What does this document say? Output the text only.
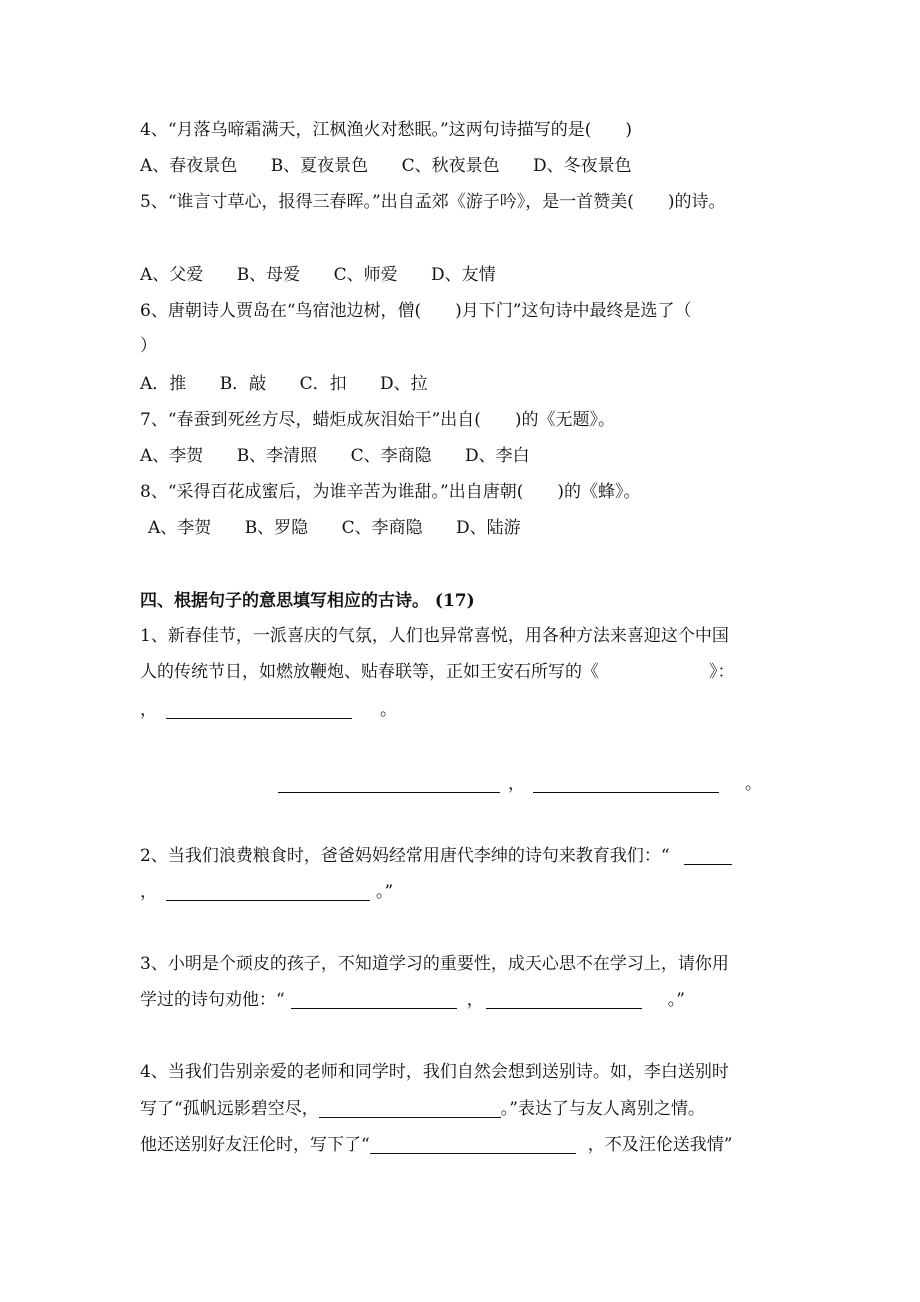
4、“月落乌啼霜满天，江枫渔火对愁眠。”这两句诗描写的是(　　)
A、春夜景色 B、夏夜景色 C、秋夜景色 D、冬夜景色
5、“谁言寸草心，报得三春晖。”出自孟郊《游子吟》，是一首赞美(　　)的诗。
A、父爱 B、母爱 C、师爱 D、友情
6、唐朝诗人贾岛在“鸟宿池边树，僧(　　)月下门”这句诗中最终是选了（
）
A．推 B．敲 C．扣 D、拉
7、“春蚕到死丝方尽，蜡炬成灰泪始干”出自(　　)的《无题》。
A、李贺 B、李清照 C、李商隐 D、李白
8、“采得百花成蜜后，为谁辛苦为谁甜。”出自唐朝(　　)的《蜂》。
A、李贺 B、罗隐 C、李商隐 D、陆游
四、根据句子的意思填写相应的古诗。 (17)
1、新春佳节，一派喜庆的气氛，人们也异常喜悦，用各种方法来喜迎这个中国
人的传统节日，如燃放鞭炮、贴春联等，正如王安石所写的《	》：
，	。
，	。
2、当我们浪费粮食时，爸爸妈妈经常用唐代李绅的诗句来教育我们：“
，	。”
3、小明是个顽皮的孩子，不知道学习的重要性，成天心思不在学习上，请你用
学过的诗句劝他：“	，	。”
4、当我们告别亲爱的老师和同学时，我们自然会想到送别诗。如，李白送别时
写了“孤帆远影碧空尽，	。”表达了与友人离别之情。
他还送别好友汪伦时，写下了“	，不及汪伦送我情”
